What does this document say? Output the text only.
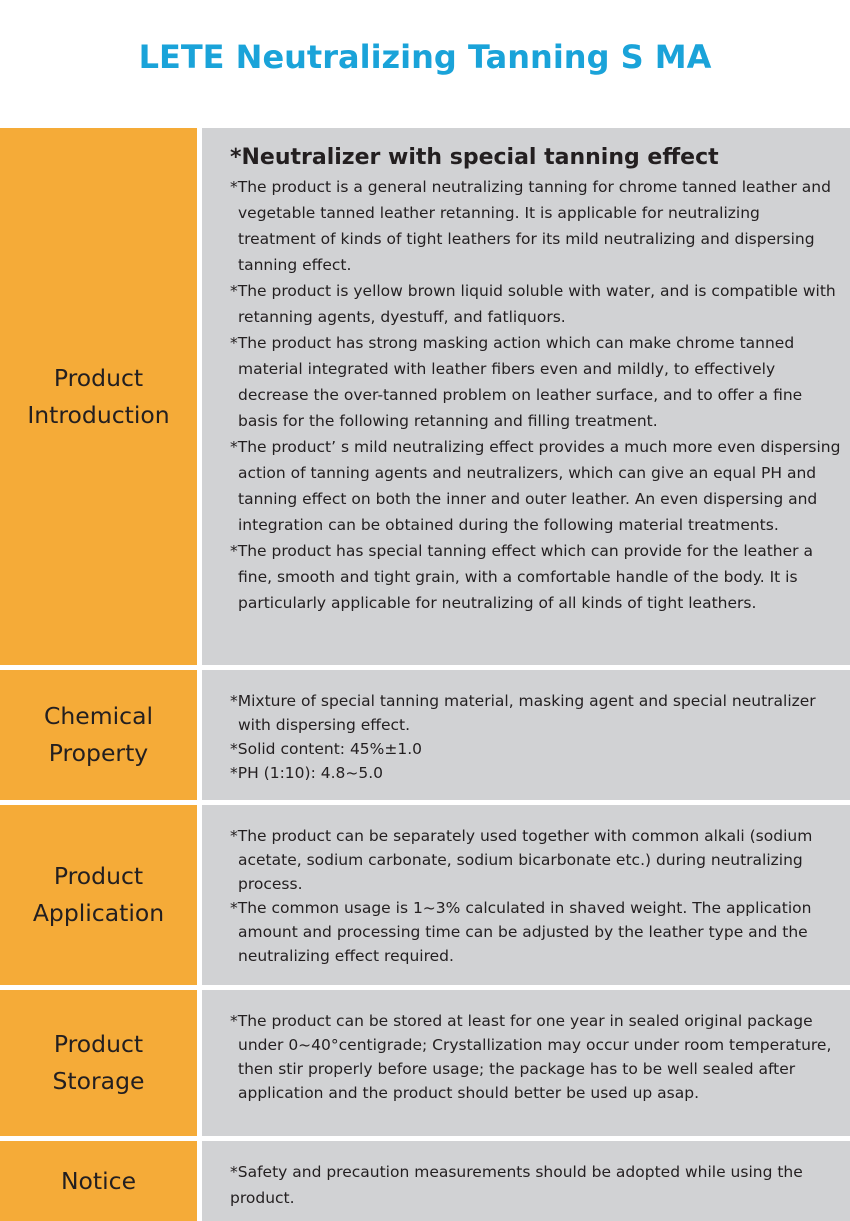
LETE Neutralizing Tanning S MA
Product
Introduction
*Neutralizer with special tanning effect
*The product is a general neutralizing tanning for chrome tanned leather and vegetable tanned leather retanning. It is applicable for neutralizing treatment of kinds of tight leathers for its mild neutralizing and dispersing tanning effect.
*The product is yellow brown liquid soluble with water, and is compatible with retanning agents, dyestuff, and fatliquors.
*The product has strong masking action which can make chrome tanned material integrated with leather fibers even and mildly, to effectively decrease the over-tanned problem on leather surface, and to offer a fine basis for the following retanning and filling treatment.
*The product’ s mild neutralizing effect provides a much more even dispersing action of tanning agents and neutralizers, which can give an equal PH and tanning effect on both the inner and outer leather. An even dispersing and integration can be obtained during the following material treatments.
*The product has special tanning effect which can provide for the leather a fine, smooth and tight grain, with a comfortable handle of the body. It is particularly applicable for neutralizing of all kinds of tight leathers.
Chemical
Property
*Mixture of special tanning material, masking agent and special neutralizer with dispersing effect.
*Solid content: 45%±1.0
*PH (1:10): 4.8~5.0
Product
Application
*The product can be separately used together with common alkali (sodium acetate, sodium carbonate, sodium bicarbonate etc.) during neutralizing process.
*The common usage is 1~3% calculated in shaved weight. The application amount and processing time can be adjusted by the leather type and the neutralizing effect required.
Product
Storage
*The product can be stored at least for one year in sealed original package under 0~40°centigrade; Crystallization may occur under room temperature, then stir properly before usage; the package has to be well sealed after application and the product should better be used up asap.
Notice	*Safety and precaution measurements should be adopted while using the product.
